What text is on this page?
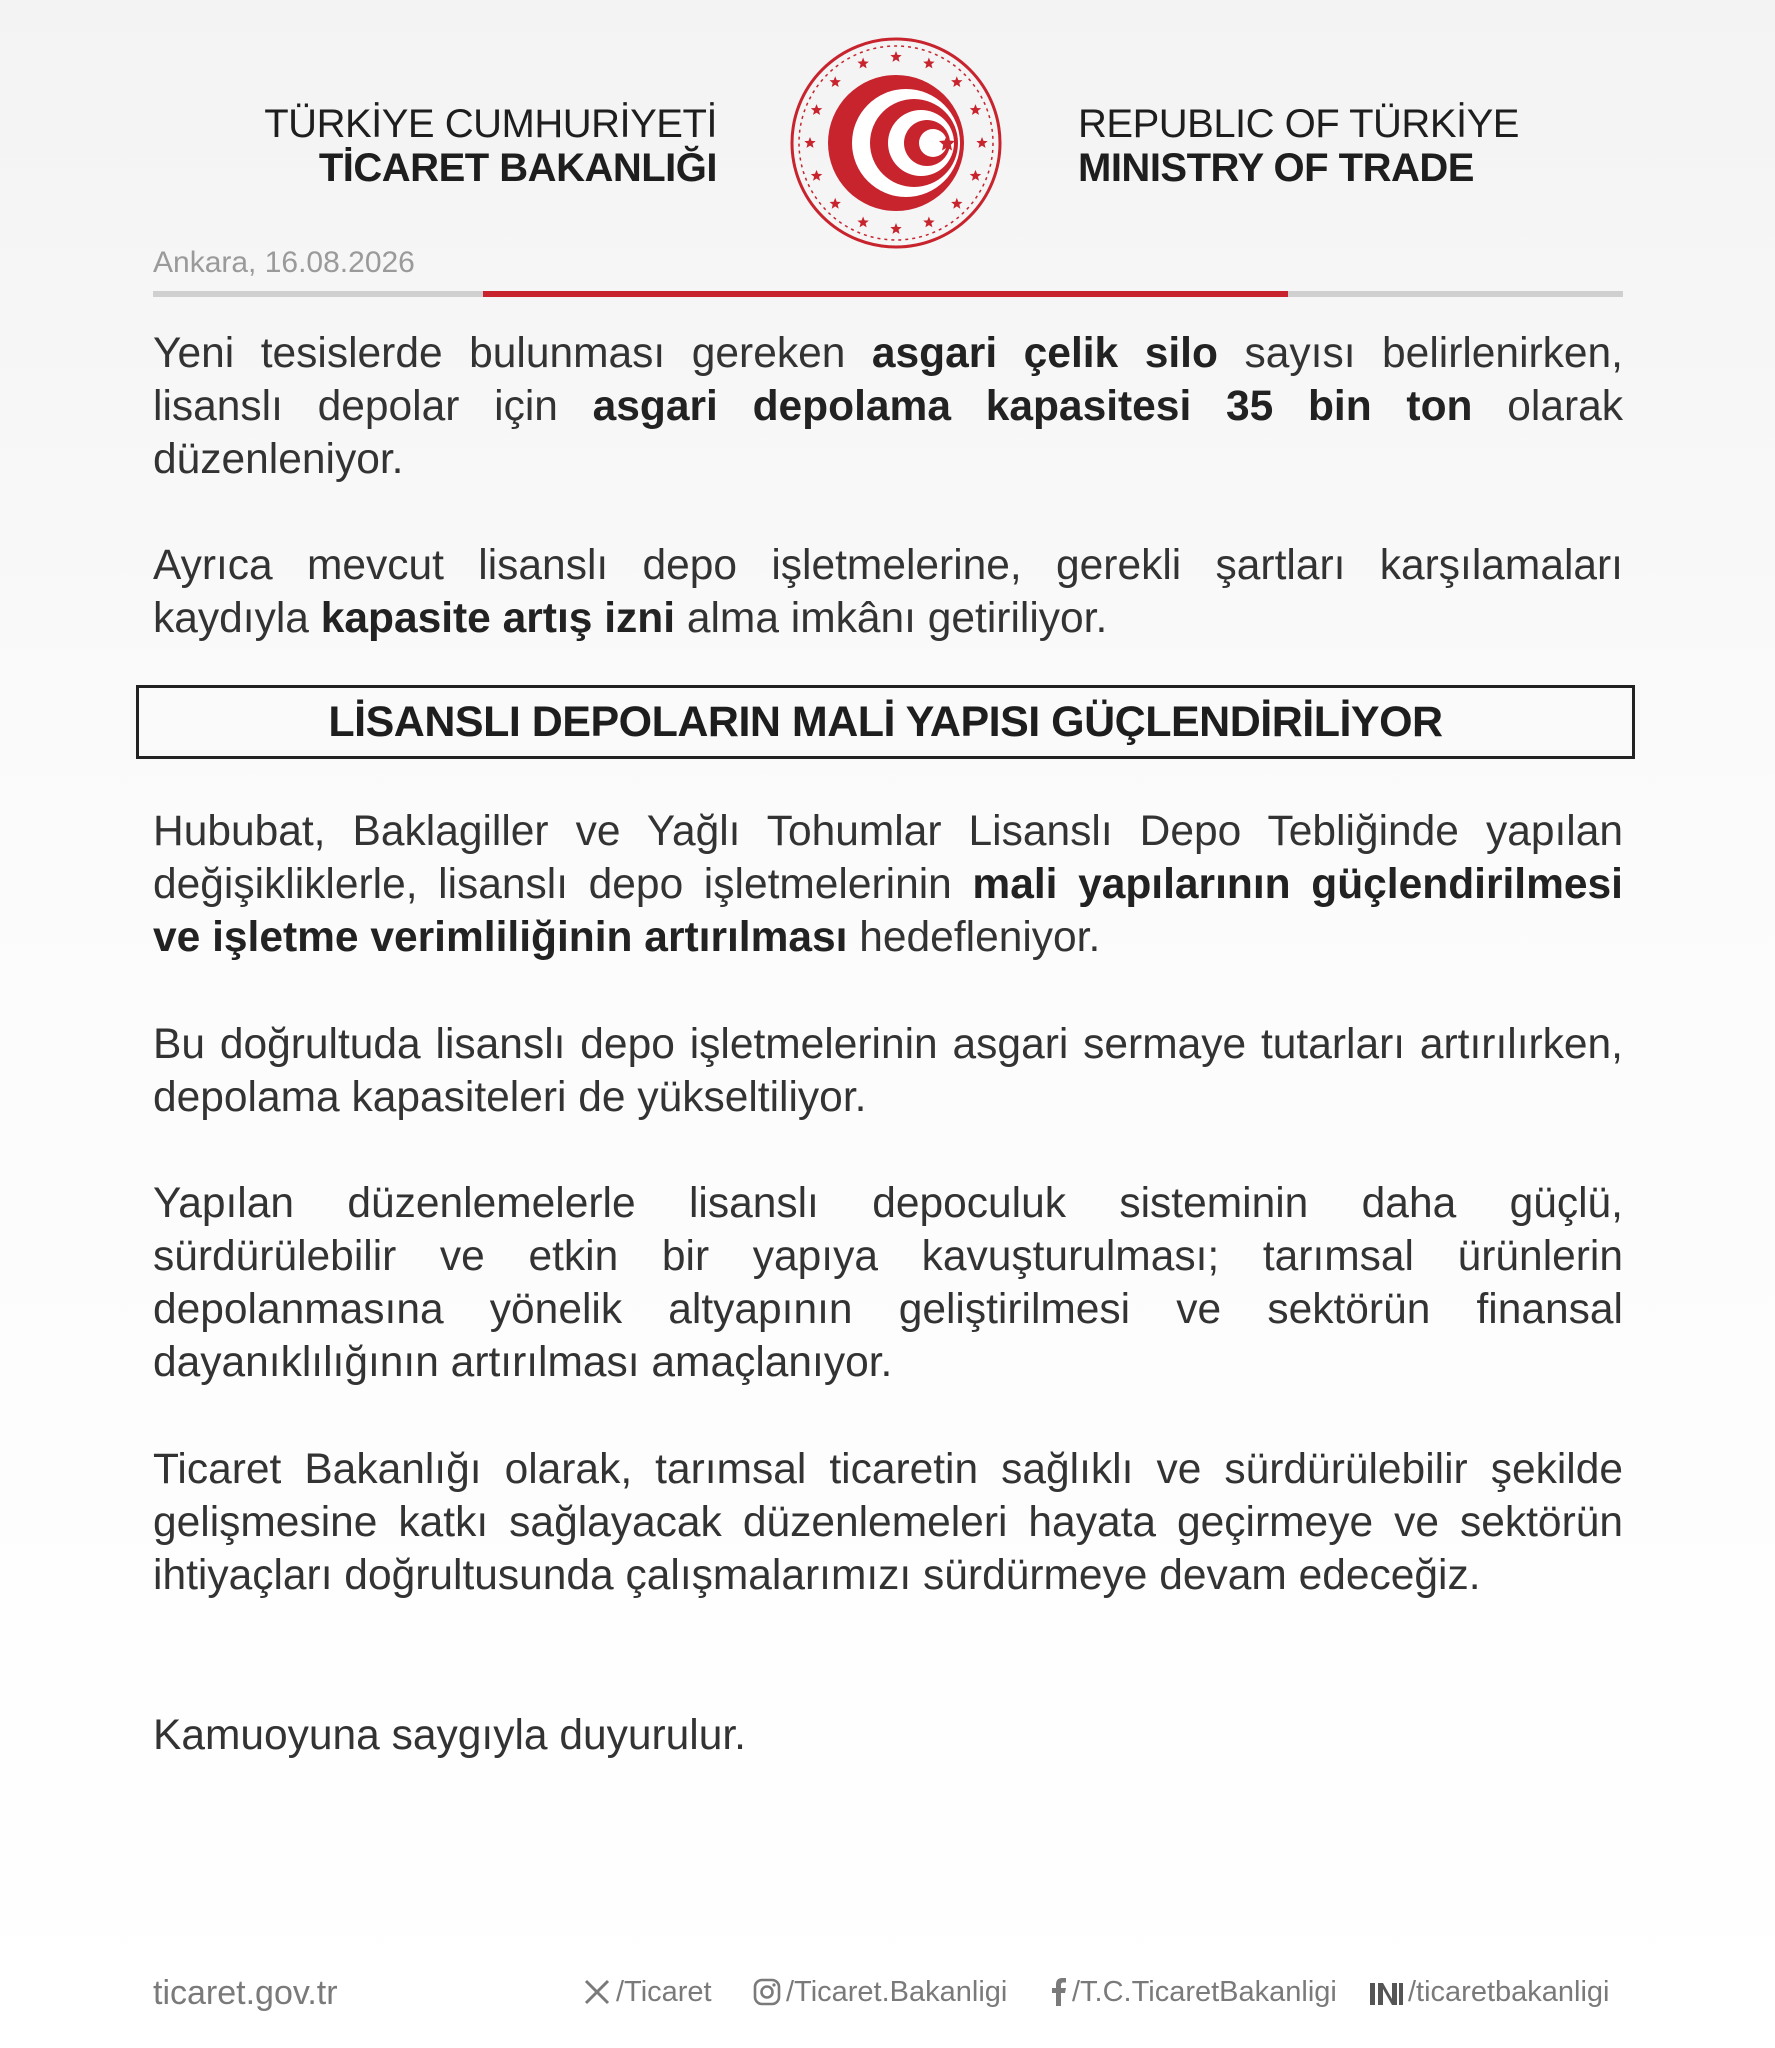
TÜRKİYE CUMHURİYETİ
TİCARET BAKANLIĞI
REPUBLIC OF TÜRKİYE
MINISTRY OF TRADE
Ankara, 16.08.2026
Yeni tesislerde bulunması gereken asgari çelik silo sayısı belirlenirken, lisanslı depolar için asgari depolama kapasitesi 35 bin ton olarak düzenleniyor.
Ayrıca mevcut lisanslı depo işletmelerine, gerekli şartları karşılamaları kaydıyla kapasite artış izni alma imkânı getiriliyor.
LİSANSLI DEPOLARIN MALİ YAPISI GÜÇLENDİRİLİYOR
Hububat, Baklagiller ve Yağlı Tohumlar Lisanslı Depo Tebliğinde yapılan değişikliklerle, lisanslı depo işletmelerinin mali yapılarının güçlendirilmesi ve işletme verimliliğinin artırılması hedefleniyor.
Bu doğrultuda lisanslı depo işletmelerinin asgari sermaye tutarları artırılırken, depolama kapasiteleri de yükseltiliyor.
Yapılan düzenlemelerle lisanslı depoculuk sisteminin daha güçlü, sürdürülebilir ve etkin bir yapıya kavuşturulması; tarımsal ürünlerin depolanmasına yönelik altyapının geliştirilmesi ve sektörün finansal dayanıklılığının artırılması amaçlanıyor.
Ticaret Bakanlığı olarak, tarımsal ticaretin sağlıklı ve sürdürülebilir şekilde gelişmesine katkı sağlayacak düzenlemeleri hayata geçirmeye ve sektörün ihtiyaçları doğrultusunda çalışmalarımızı sürdürmeye devam edeceğiz.
Kamuoyuna saygıyla duyurulur.
ticaret.gov.tr	/Ticaret	/Ticaret.Bakanligi	/T.C.TicaretBakanligi	/ticaretbakanligi
